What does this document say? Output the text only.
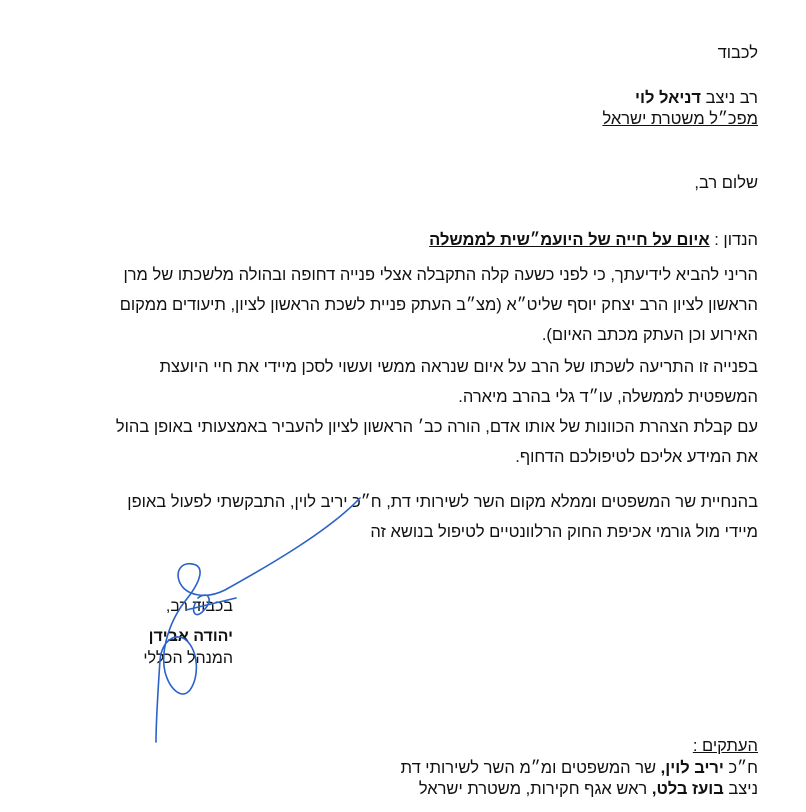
לכבוד
רב ניצב דניאל לוי
מפכ״ל משטרת ישראל
שלום רב,
הנדון : איום על חייה של היועמ״שית לממשלה
הריני להביא לידיעתך, כי לפני כשעה קלה התקבלה אצלי פנייה דחופה ובהולה מלשכתו של מרן
הראשון לציון הרב יצחק יוסף שליט״א (מצ״ב העתק פניית לשכת הראשון לציון, תיעודים ממקום
האירוע וכן העתק מכתב האיום).
בפנייה זו התריעה לשכתו של הרב על איום שנראה ממשי ועשוי לסכן מיידי את חיי היועצת
המשפטית לממשלה, עו״ד גלי בהרב מיארה.
עם קבלת הצהרת הכוונות של אותו אדם, הורה כב׳ הראשון לציון להעביר באמצעותי באופן בהול
את המידע אליכם לטיפולכם הדחוף.
בהנחיית שר המשפטים וממלא מקום השר לשירותי דת, ח״כ יריב לוין, התבקשתי לפעול באופן
מיידי מול גורמי אכיפת החוק הרלוונטיים לטיפול בנושא זה
בכבוד רב,
יהודה אבידן
המנהל הכללי
העתקים :
ח״כ יריב לוין, שר המשפטים ומ״מ השר לשירותי דת
ניצב בועז בלט, ראש אגף חקירות, משטרת ישראל
